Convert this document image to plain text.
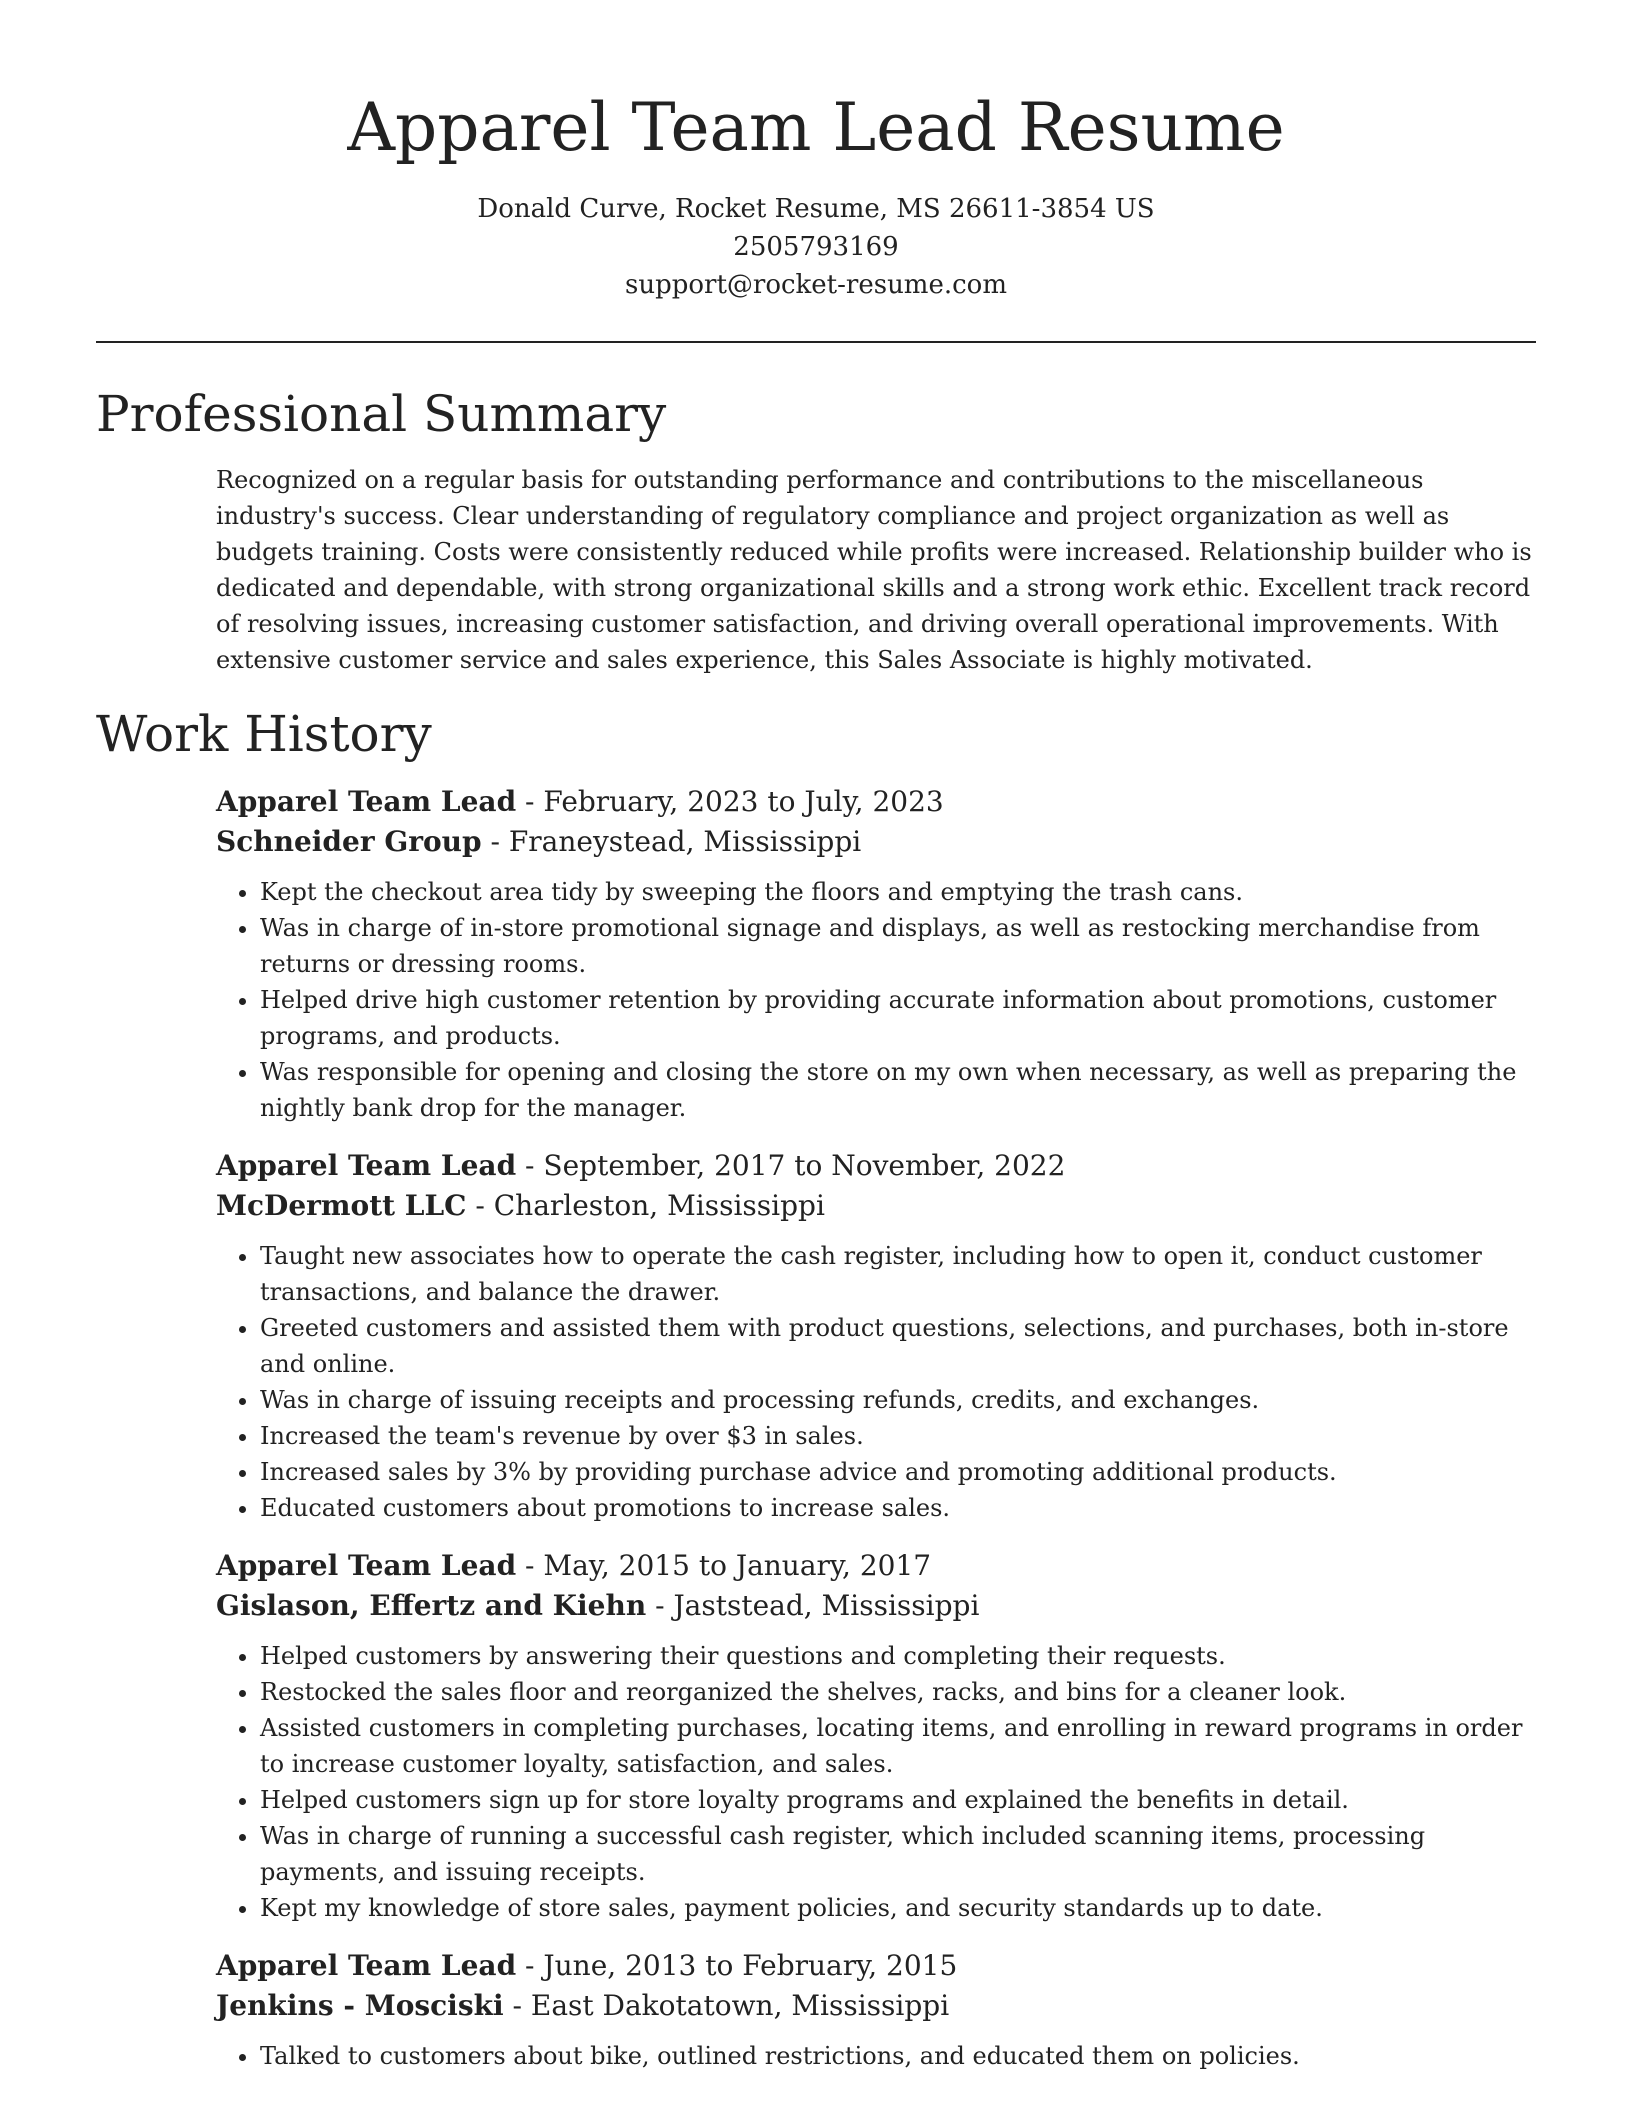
Apparel Team Lead Resume
Donald Curve, Rocket Resume, MS 26611-3854 US
2505793169
support@rocket-resume.com
Professional Summary

Recognized on a regular basis for outstanding performance and contributions to the miscellaneous industry's success. Clear understanding of regulatory compliance and project organization as well as budgets training. Costs were consistently reduced while profits were increased. Relationship builder who is dedicated and dependable, with strong organizational skills and a strong work ethic. Excellent track record of resolving issues, increasing customer satisfaction, and driving overall operational improvements. With extensive customer service and sales experience, this Sales Associate is highly motivated.

Work History
Apparel Team Lead - February, 2023 to July, 2023
Schneider Group - Franeystead, Mississippi
• Kept the checkout area tidy by sweeping the floors and emptying the trash cans.
• Was in charge of in-store promotional signage and displays, as well as restocking merchandise from returns or dressing rooms.
• Helped drive high customer retention by providing accurate information about promotions, customer programs, and products.
• Was responsible for opening and closing the store on my own when necessary, as well as preparing the nightly bank drop for the manager.
Apparel Team Lead - September, 2017 to November, 2022
McDermott LLC - Charleston, Mississippi
• Taught new associates how to operate the cash register, including how to open it, conduct customer transactions, and balance the drawer.
• Greeted customers and assisted them with product questions, selections, and purchases, both in-store and online.
• Was in charge of issuing receipts and processing refunds, credits, and exchanges.
• Increased the team's revenue by over $3 in sales.
• Increased sales by 3% by providing purchase advice and promoting additional products.
• Educated customers about promotions to increase sales.
Apparel Team Lead - May, 2015 to January, 2017
Gislason, Effertz and Kiehn - Jaststead, Mississippi
• Helped customers by answering their questions and completing their requests.
• Restocked the sales floor and reorganized the shelves, racks, and bins for a cleaner look.
• Assisted customers in completing purchases, locating items, and enrolling in reward programs in order to increase customer loyalty, satisfaction, and sales.
• Helped customers sign up for store loyalty programs and explained the benefits in detail.
• Was in charge of running a successful cash register, which included scanning items, processing payments, and issuing receipts.
• Kept my knowledge of store sales, payment policies, and security standards up to date.
Apparel Team Lead - June, 2013 to February, 2015
Jenkins - Mosciski - East Dakotatown, Mississippi
• Talked to customers about bike, outlined restrictions, and educated them on policies.
